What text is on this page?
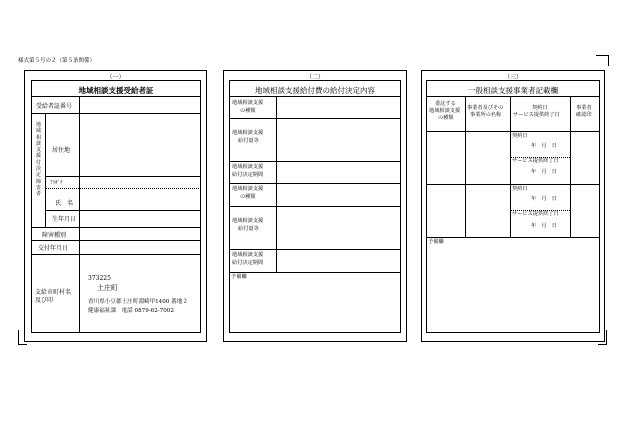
様式第５号の２（第５条関係）
（一）
地域相談支援受給者証
受給者証番号
地域相談支援付決定障害者
居住地
ﾌﾘｶﾞﾅ
氏　名
生年月日
障害種別
交付年月日
支給市町村名
及び印
373225
土庄町
香川県小豆郡土庄町淵崎甲1400 番地２
健康福祉課　電話 0879-62-7002
（二）
地域相談支援給付費の給付決定内容
地域相談支援
の種類
地域相談支援
給付量等
地域相談支援
給付決定期間
地域相談支援
の種類
地域相談支援
給付量等
地域相談支援
給付決定期間
予備欄
（三）
一般相談支援事業者記載欄
委託する
地域相談支援
の種類
事業者及びその
事業所の名称
契約日
サービス提供終了日
事業者
確認印
契約日
年　月　日
サービス提供終了日
年　月　日
契約日
年　月　日
サービス提供終了日
年　月　日
予備欄
